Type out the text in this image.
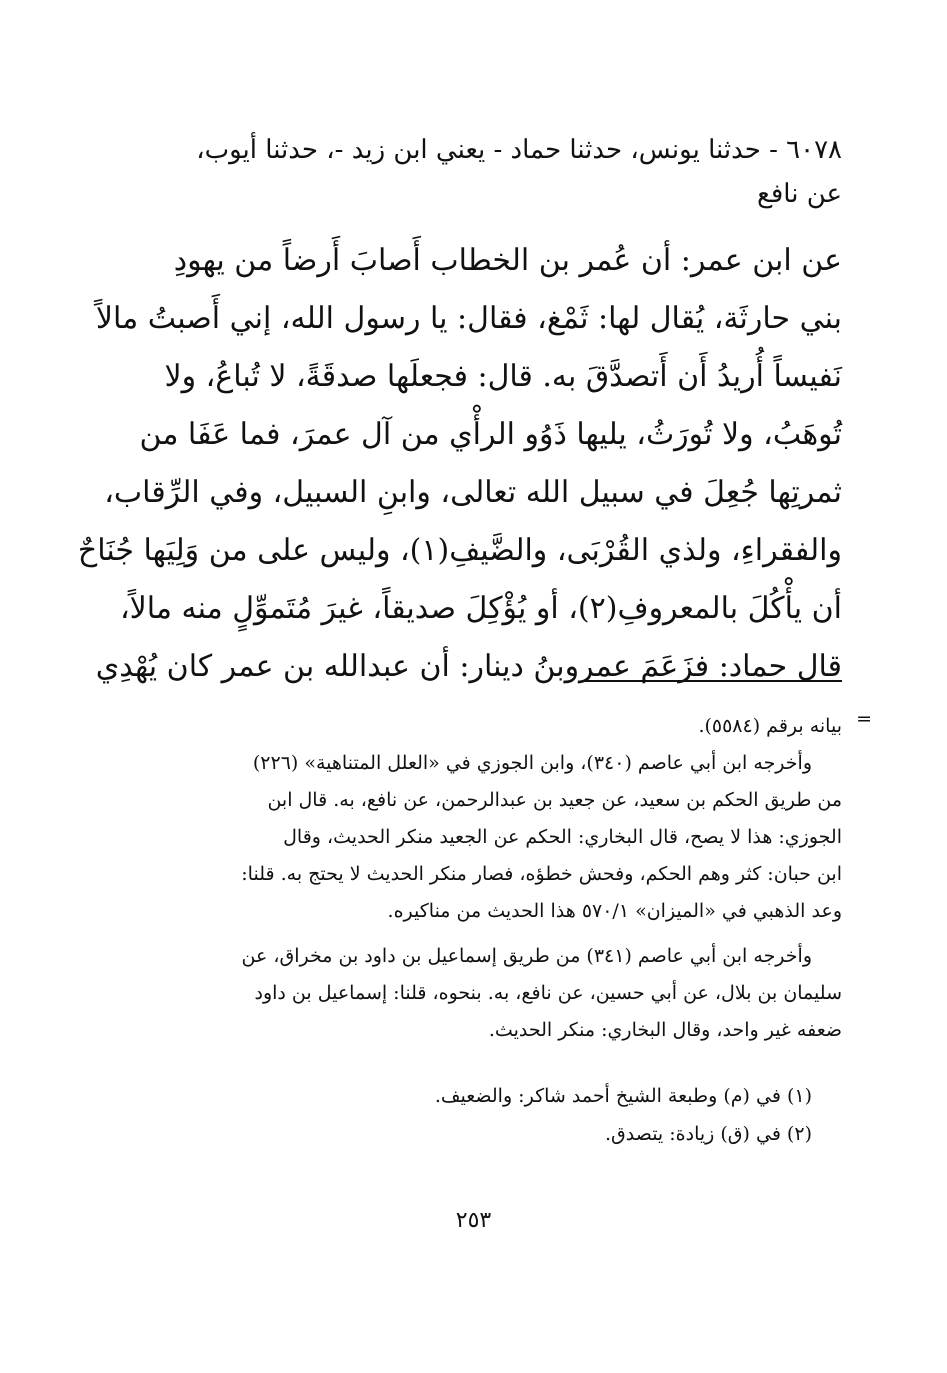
٦٠٧٨ - حدثنا يونس، حدثنا حماد - يعني ابن زيد -، حدثنا أيوب،
عن نافع
عن ابن عمر: أن عُمر بن الخطاب أَصابَ أَرضاً من يهودِ
بني حارثَة، يُقال لها: ثَمْغ، فقال: يا رسول الله، إني أَصبتُ مالاً
نَفيساً أُريدُ أَن أَتصدَّقَ به. قال: فجعلَها صدقَةً، لا تُباعُ، ولا
تُوهَبُ، ولا تُورَثُ، يليها ذَوُو الرأْي من آل عمرَ، فما عَفَا من
ثمرتِها جُعِلَ في سبيل الله تعالى، وابنِ السبيل، وفي الرِّقاب،
والفقراءِ، ولذي القُرْبَى، والضَّيفِ(١)، وليس على من وَلِيَها جُنَاحٌ
أن يأْكُلَ بالمعروفِ(٢)، أو يُؤْكِلَ صديقاً، غيرَ مُتَموِّلٍ منه مالاً،
قال حماد: فزَعَمَ عمروبنُ دينار: أن عبدالله بن عمر كان يُهْدِي
=
بيانه برقم (٥٥٨٤).
وأخرجه ابن أبي عاصم (٣٤٠)، وابن الجوزي في «العلل المتناهية» (٢٢٦)
من طريق الحكم بن سعيد، عن جعيد بن عبدالرحمن، عن نافع، به. قال ابن
الجوزي: هذا لا يصح، قال البخاري: الحكم عن الجعيد منكر الحديث، وقال
ابن حبان: كثر وهم الحكم، وفحش خطؤه، فصار منكر الحديث لا يحتج به. قلنا:
وعد الذهبي في «الميزان» ٥٧٠/١ هذا الحديث من مناكيره.
وأخرجه ابن أبي عاصم (٣٤١) من طريق إسماعيل بن داود بن مخراق، عن
سليمان بن بلال، عن أبي حسين، عن نافع، به. بنحوه، قلنا: إسماعيل بن داود
ضعفه غير واحد، وقال البخاري: منكر الحديث.
(١) في (م) وطبعة الشيخ أحمد شاكر: والضعيف.
(٢) في (ق) زيادة: يتصدق.
٢٥٣
